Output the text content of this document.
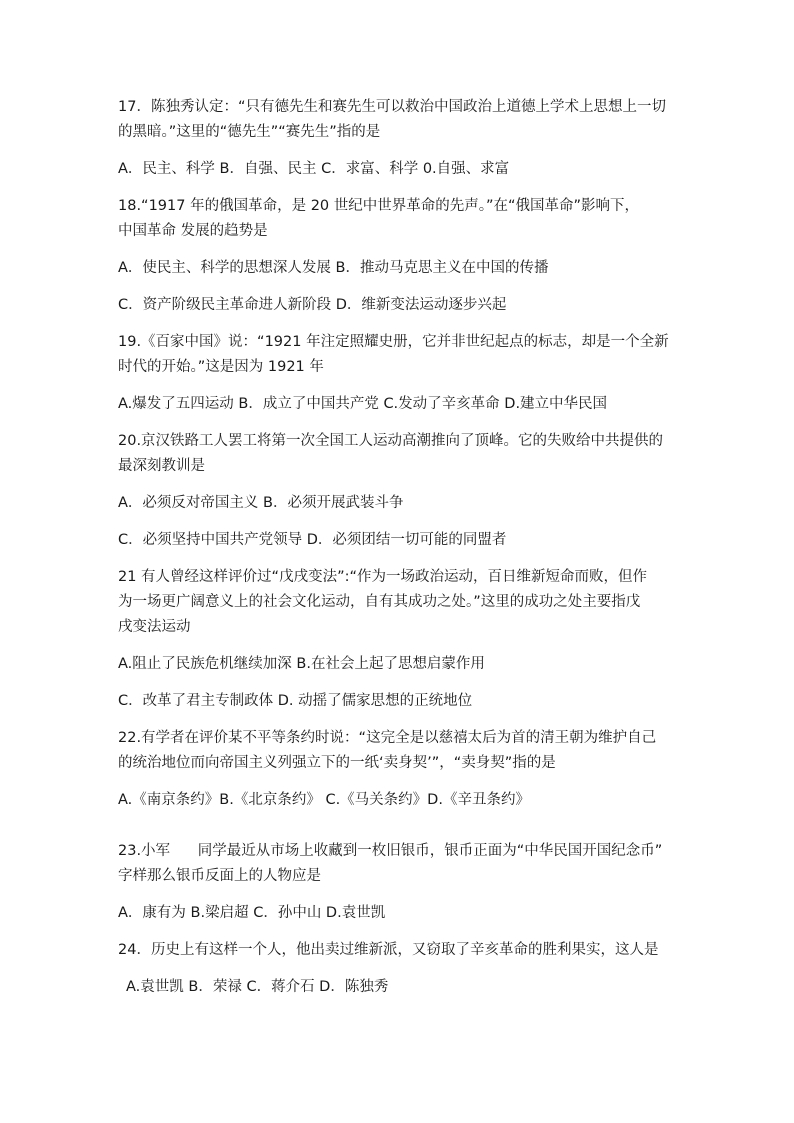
17．陈独秀认定：“只有德先生和赛先生可以救治中国政治上道德上学术上思想上一切

的黑暗。”这里的“德先生”“赛先生”指的是

A．民主、科学 B．自强、民主 C．求富、科学 0.自强、求富

18.“1917 年的俄国革命，是 20 世纪中世界革命的先声。”在“俄国革命”影响下，

中国革命 发展的趋势是

A．使民主、科学的思想深人发展 B．推动马克思主义在中国的传播

C．资产阶级民主革命进人新阶段 D．维新变法运动逐步兴起

19.《百家中国》说：“1921 年注定照耀史册，它并非世纪起点的标志，却是一个全新

时代的开始。”这是因为 1921 年

A.爆发了五四运动 B．成立了中国共产党 C.发动了辛亥革命 D.建立中华民国

20.京汉铁路工人罢工将第一次全国工人运动高潮推向了顶峰。它的失败给中共提供的

最深刻教训是

A．必须反对帝国主义 B．必须开展武装斗争

C．必须坚持中国共产党领导 D．必须团结一切可能的同盟者

21 有人曾经这样评价过“戊戌变法”:“作为一场政治运动，百日维新短命而败，但作

为一场更广阔意义上的社会文化运动，自有其成功之处。”这里的成功之处主要指戊

戌变法运动

A.阻止了民族危机继续加深 B.在社会上起了思想启蒙作用

C．改革了君主专制政体 D. 动摇了儒家思想的正统地位

22.有学者在评价某不平等条约时说：“这完全是以慈禧太后为首的清王朝为维护自己

的统治地位而向帝国主义列强立下的一纸‘卖身契’”，“卖身契”指的是

A.《南京条约》B.《北京条约》 C.《马关条约》D.《辛丑条约》

23.小军      同学最近从市场上收藏到一枚旧银币，银币正面为“中华民国开国纪念币”

字样那么银币反面上的人物应是

A．康有为 B.梁启超 C．孙中山 D.袁世凯

24．历史上有这样一个人，他出卖过维新派，又窃取了辛亥革命的胜利果实，这人是

A.袁世凯 B．荣禄 C．蒋介石 D．陈独秀
